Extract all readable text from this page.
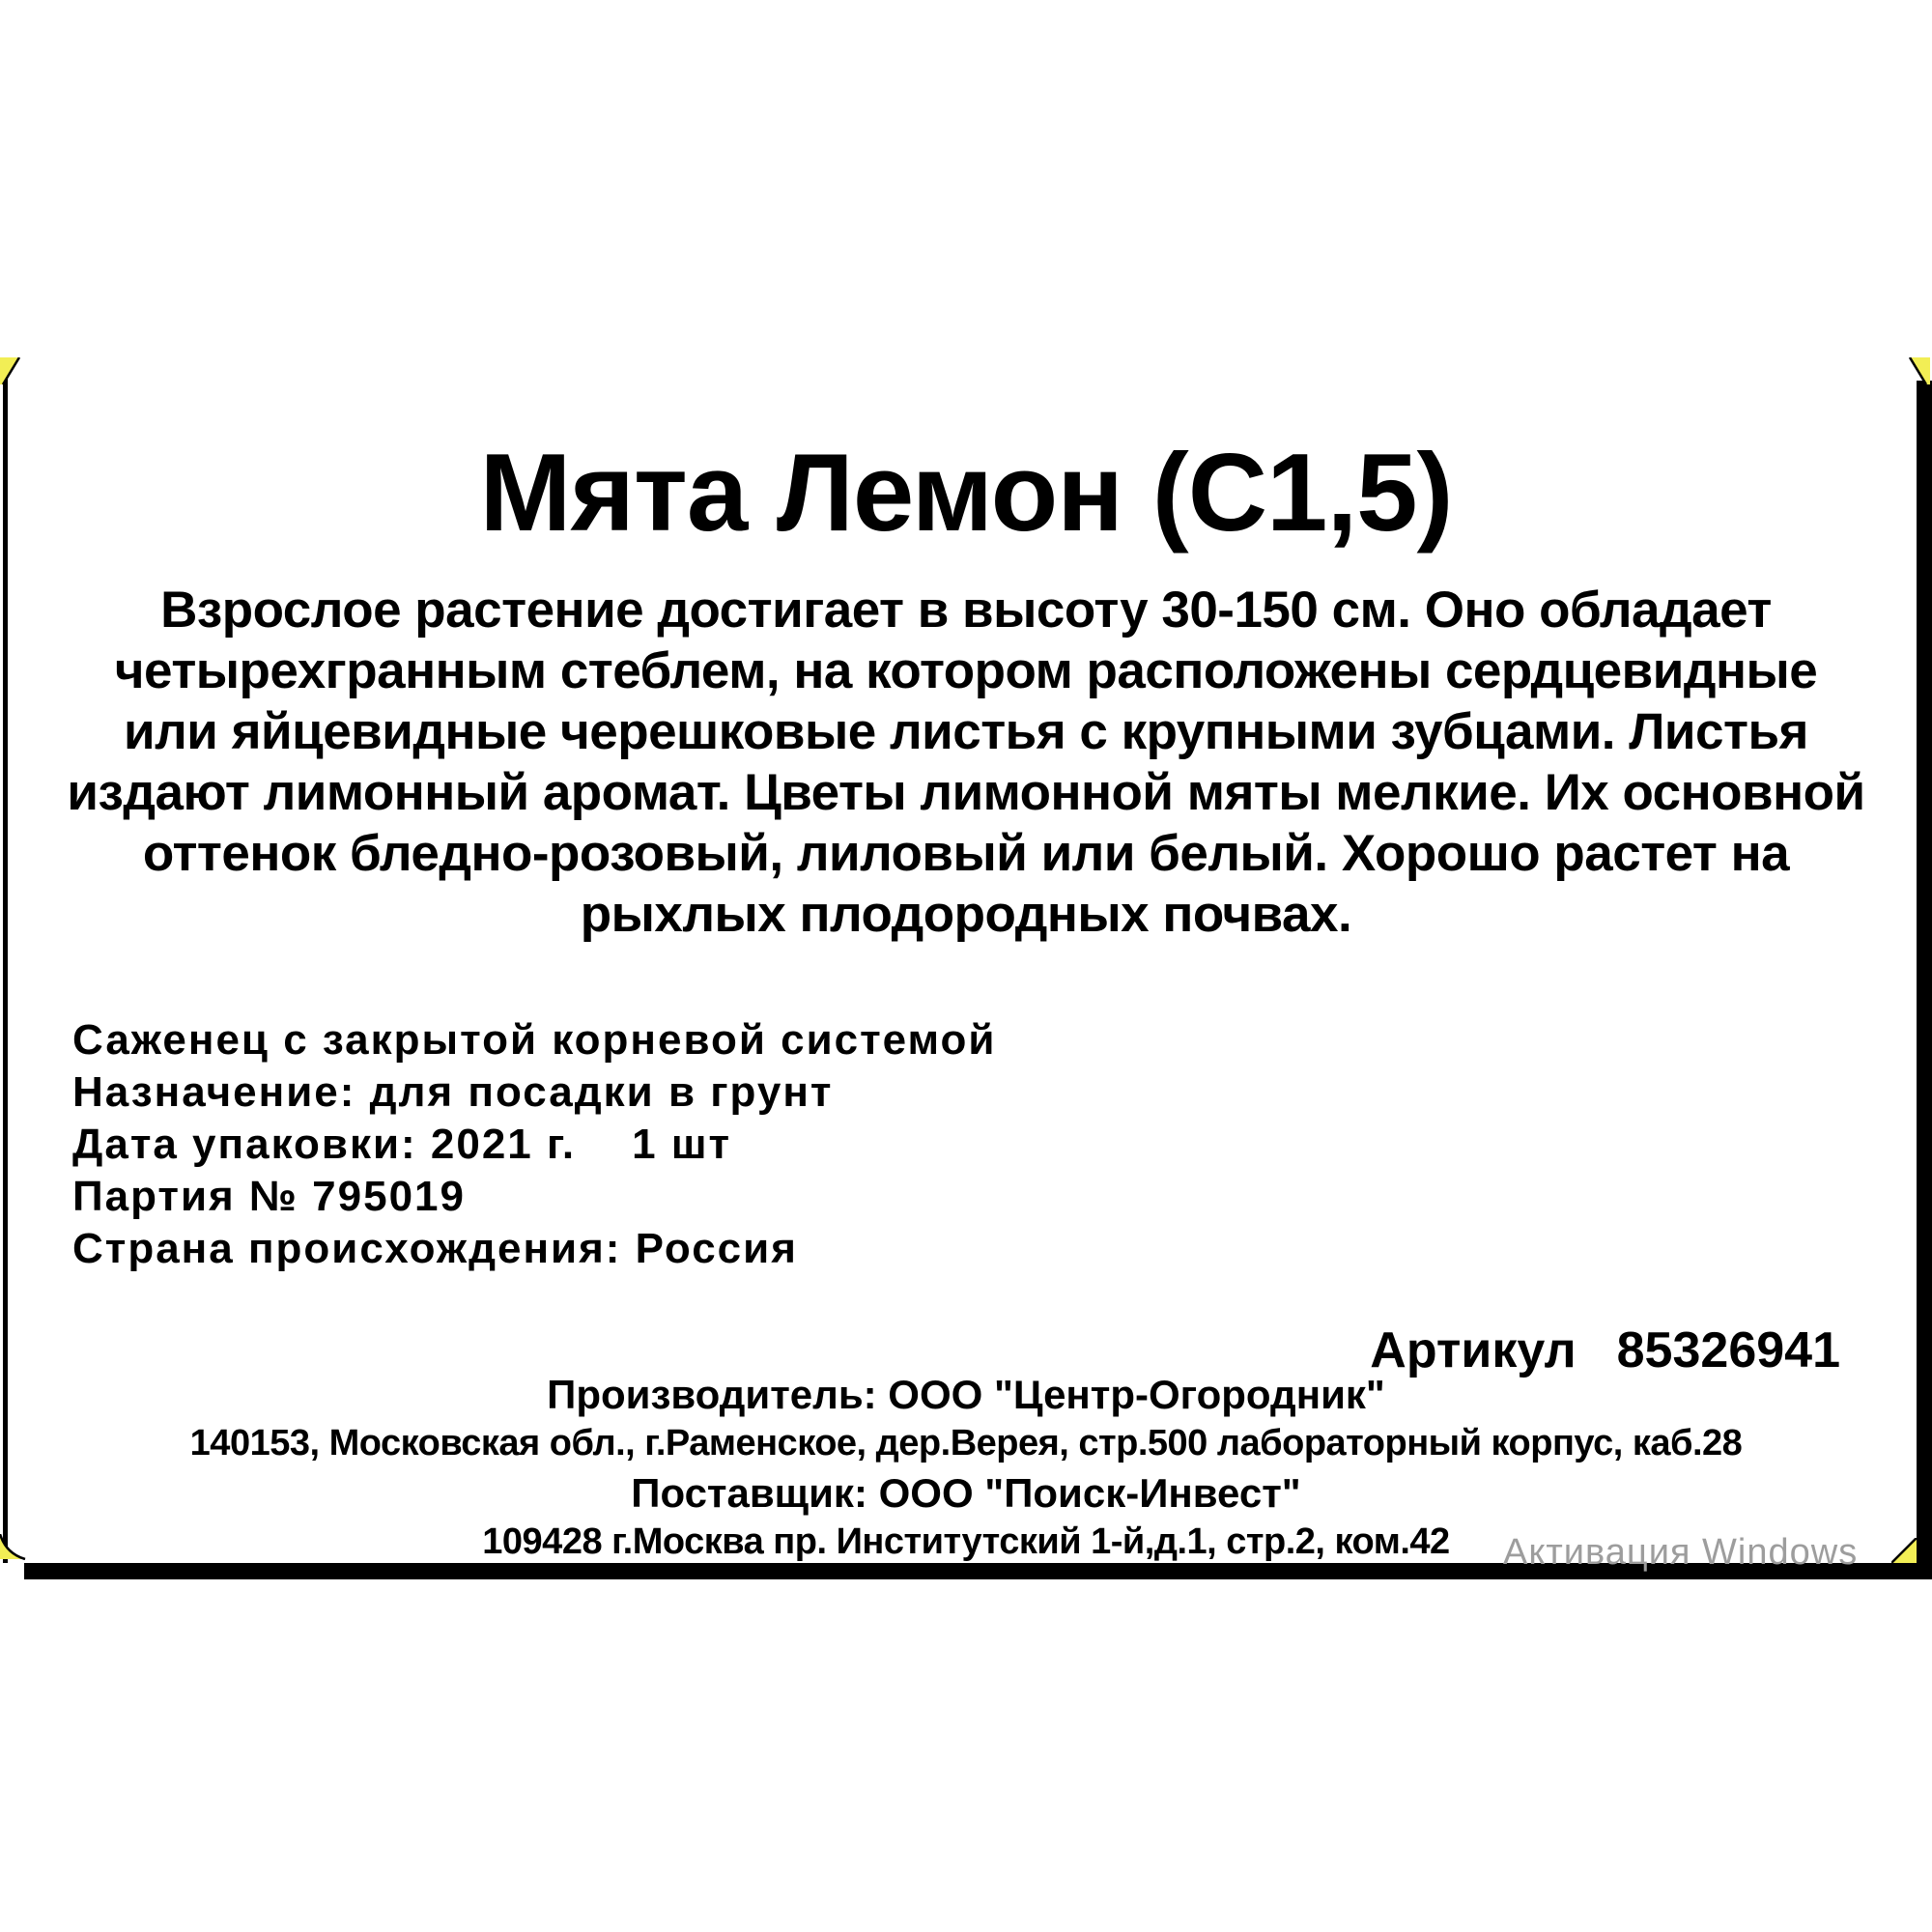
Мята Лемон (С1,5)
Взрослое растение достигает в высоту 30-150 см. Оно обладает
четырехгранным стеблем, на котором расположены сердцевидные
или яйцевидные черешковые листья с крупными зубцами. Листья
издают лимонный аромат. Цветы лимонной мяты мелкие. Их основной
оттенок бледно-розовый, лиловый или белый. Хорошо растет на
рыхлых плодородных почвах.
Саженец с закрытой корневой системой
Назначение: для посадки в грунт
Дата упаковки: 2021 г. 1 шт
Партия № 795019
Страна происхождения: Россия
Артикул 85326941
Производитель: ООО "Центр-Огородник"
140153, Московская обл., г.Раменское, дер.Верея, стр.500 лабораторный корпус, каб.28
Поставщик: ООО "Поиск-Инвест"
109428 г.Москва пр. Институтский 1-й,д.1, стр.2, ком.42	Активация Windows
